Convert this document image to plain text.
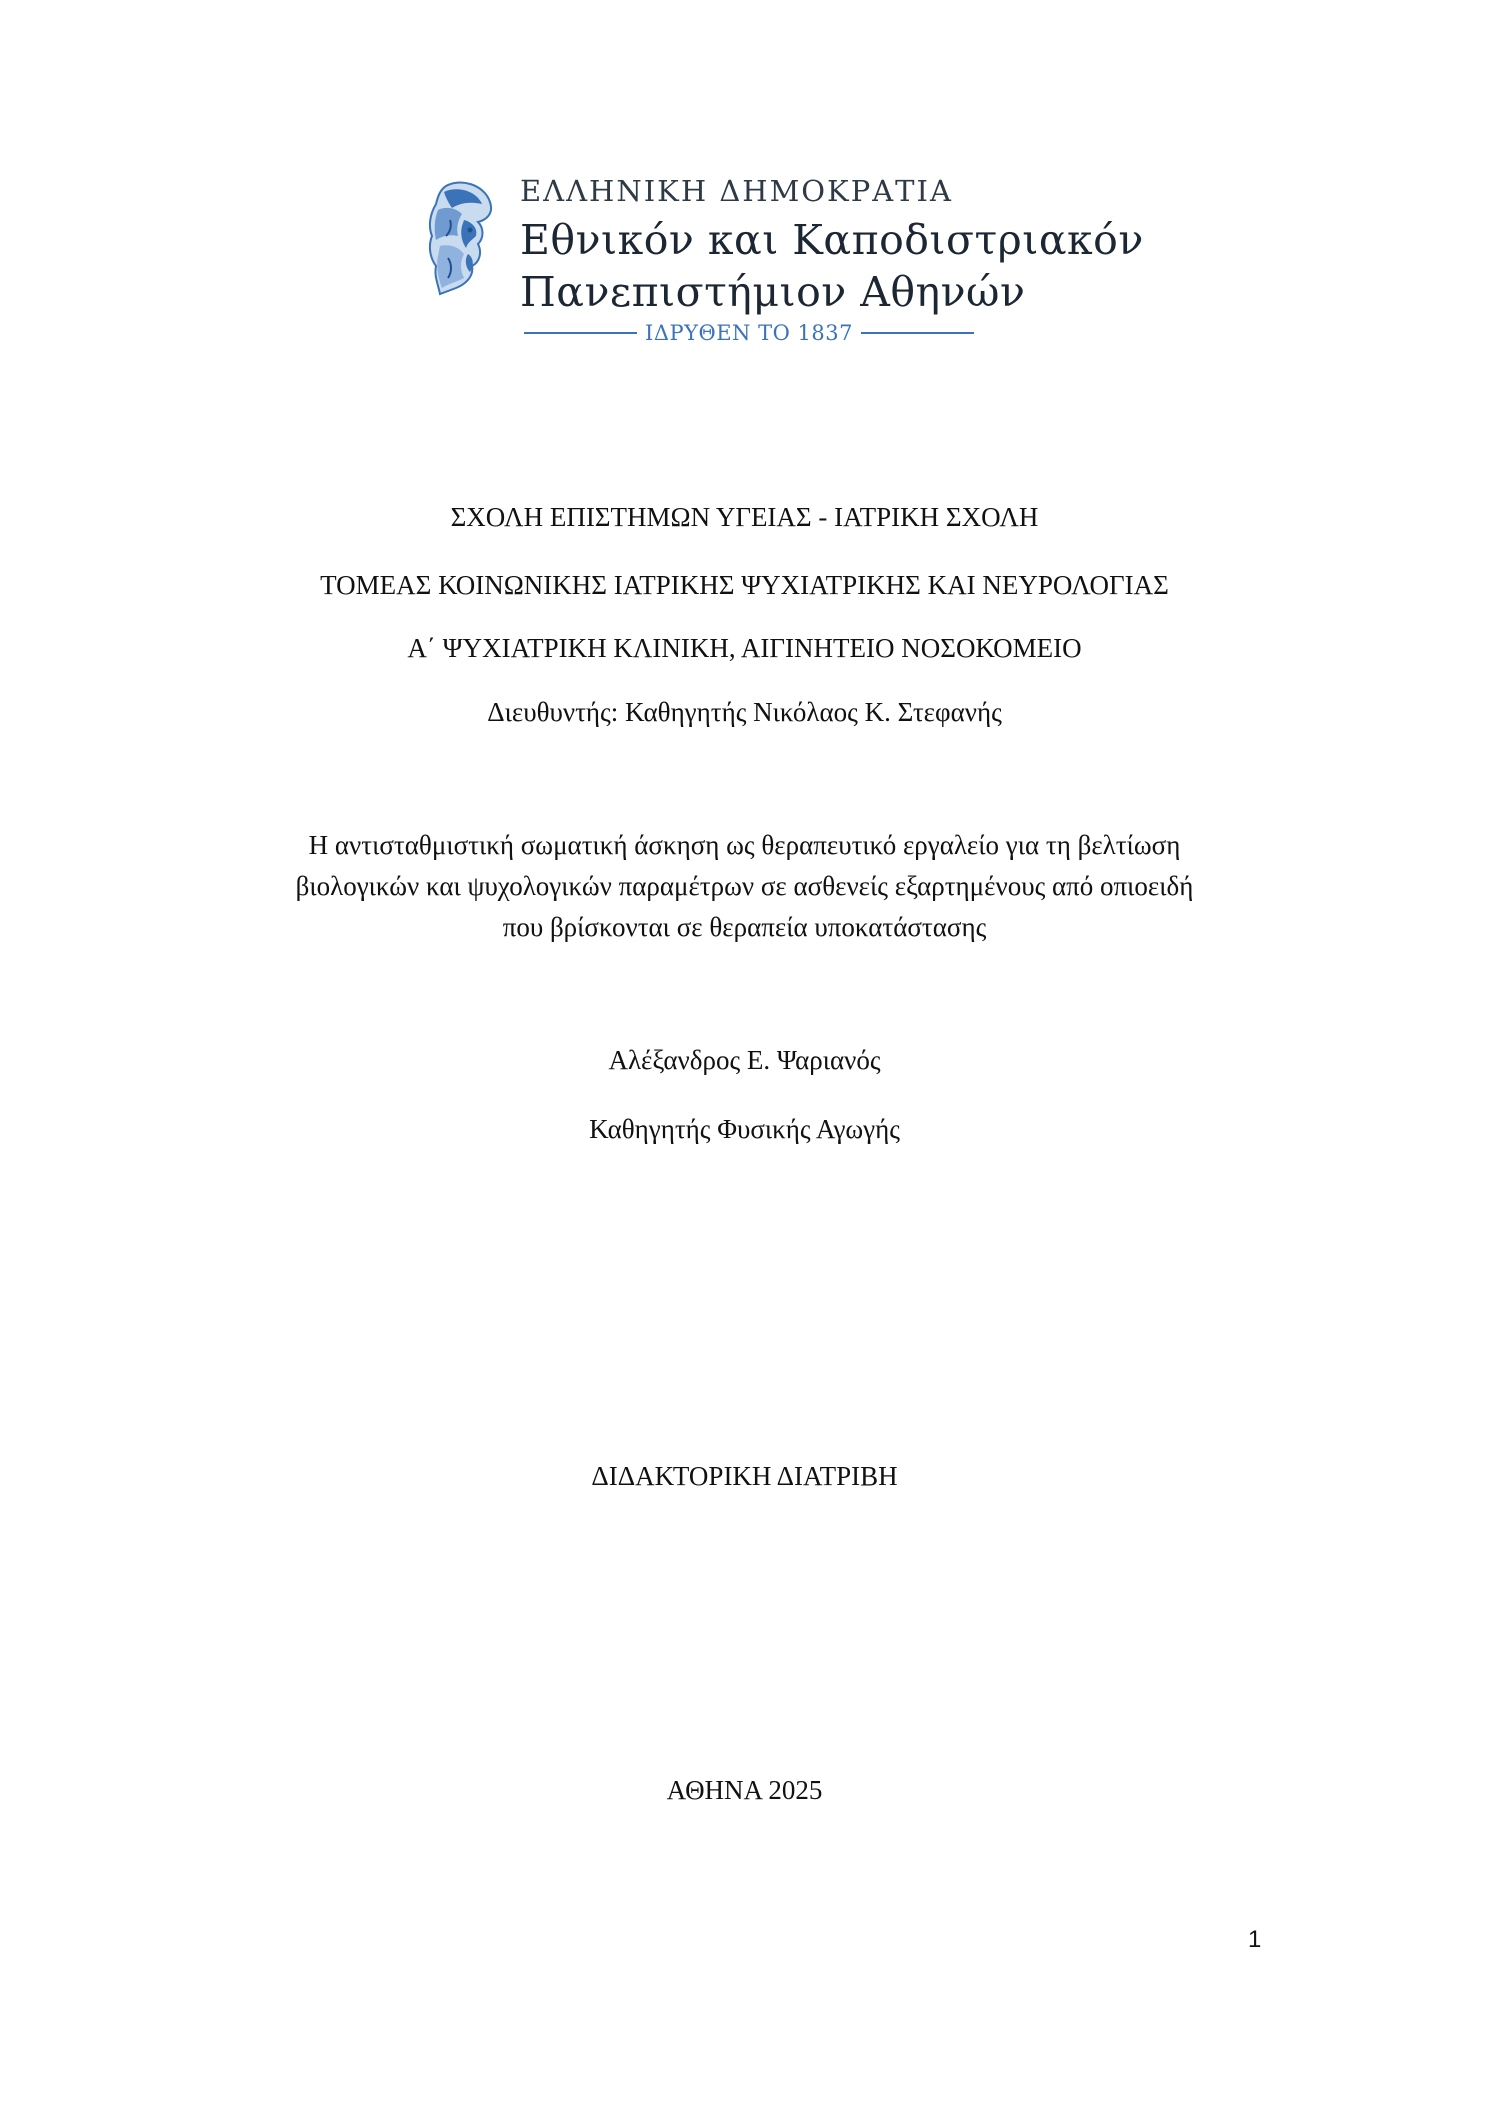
ΕΛΛΗΝΙΚΗ ΔΗΜΟΚΡΑΤΙΑ
Εθνικόν και Καποδιστριακόν
Πανεπιστήμιον Αθηνών
ΙΔΡΥΘΕΝ ΤΟ 1837
ΣΧΟΛΗ ΕΠΙΣΤΗΜΩΝ ΥΓΕΙΑΣ - ΙΑΤΡΙΚΗ ΣΧΟΛΗ
ΤΟΜΕΑΣ ΚΟΙΝΩΝΙΚΗΣ ΙΑΤΡΙΚΗΣ ΨΥΧΙΑΤΡΙΚΗΣ ΚΑΙ ΝΕΥΡΟΛΟΓΙΑΣ
Α΄ ΨΥΧΙΑΤΡΙΚΗ ΚΛΙΝΙΚΗ, ΑΙΓΙΝΗΤΕΙΟ ΝΟΣΟΚΟΜΕΙΟ
Διευθυντής: Καθηγητής Νικόλαος Κ. Στεφανής
Η αντισταθμιστική σωματική άσκηση ως θεραπευτικό εργαλείο για τη βελτίωση
βιολογικών και ψυχολογικών παραμέτρων σε ασθενείς εξαρτημένους από οπιοειδή
που βρίσκονται σε θεραπεία υποκατάστασης
Αλέξανδρος Ε. Ψαριανός
Καθηγητής Φυσικής Αγωγής
ΔΙΔΑΚΤΟΡΙΚΗ ΔΙΑΤΡΙΒΗ
ΑΘΗΝΑ 2025
1
